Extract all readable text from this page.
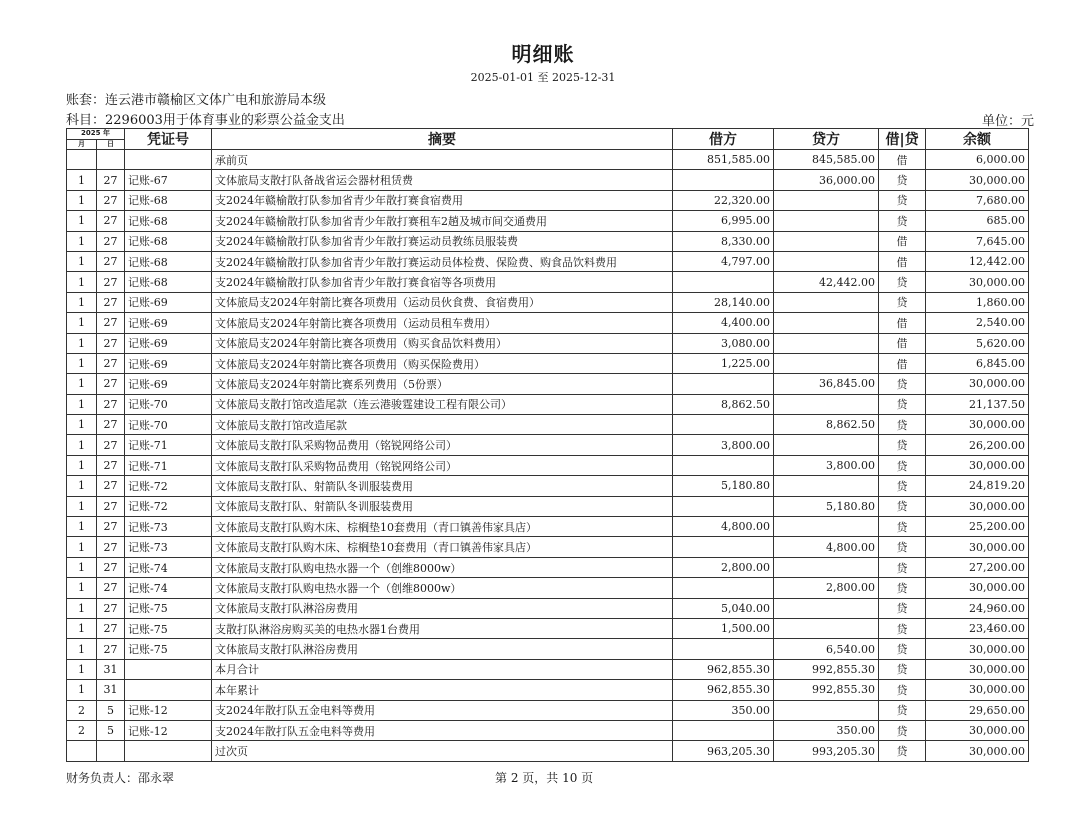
明细账
2025-01-01 至 2025-12-31
账套：连云港市赣榆区文体广电和旅游局本级
科目：2296003用于体育事业的彩票公益金支出	单位：元
2025 年		凭证号	摘要	借方	贷方	借|贷	余额
月	日						
			承前页	851,585.00	845,585.00	借	6,000.00
1	27	记账-67	文体旅局支散打队备战省运会器材租赁费		36,000.00	贷	30,000.00
1	27	记账-68	支2024年赣榆散打队参加省青少年散打赛食宿费用	22,320.00		贷	7,680.00
1	27	记账-68	支2024年赣榆散打队参加省青少年散打赛租车2趟及城市间交通费用	6,995.00		贷	685.00
1	27	记账-68	支2024年赣榆散打队参加省青少年散打赛运动员教练员服装费	8,330.00		借	7,645.00
1	27	记账-68	支2024年赣榆散打队参加省青少年散打赛运动员体检费、保险费、购食品饮料费用	4,797.00		借	12,442.00
1	27	记账-68	支2024年赣榆散打队参加省青少年散打赛食宿等各项费用		42,442.00	贷	30,000.00
1	27	记账-69	文体旅局支2024年射箭比赛各项费用（运动员伙食费、食宿费用）	28,140.00		贷	1,860.00
1	27	记账-69	文体旅局支2024年射箭比赛各项费用（运动员租车费用）	4,400.00		借	2,540.00
1	27	记账-69	文体旅局支2024年射箭比赛各项费用（购买食品饮料费用）	3,080.00		借	5,620.00
1	27	记账-69	文体旅局支2024年射箭比赛各项费用（购买保险费用）	1,225.00		借	6,845.00
1	27	记账-69	文体旅局支2024年射箭比赛系列费用（5份票）		36,845.00	贷	30,000.00
1	27	记账-70	文体旅局支散打馆改造尾款（连云港骏霆建设工程有限公司）	8,862.50		贷	21,137.50
1	27	记账-70	文体旅局支散打馆改造尾款		8,862.50	贷	30,000.00
1	27	记账-71	文体旅局支散打队采购物品费用（铭锐网络公司）	3,800.00		贷	26,200.00
1	27	记账-71	文体旅局支散打队采购物品费用（铭锐网络公司）		3,800.00	贷	30,000.00
1	27	记账-72	文体旅局支散打队、射箭队冬训服装费用	5,180.80		贷	24,819.20
1	27	记账-72	文体旅局支散打队、射箭队冬训服装费用		5,180.80	贷	30,000.00
1	27	记账-73	文体旅局支散打队购木床、棕榈垫10套费用（青口镇善伟家具店）	4,800.00		贷	25,200.00
1	27	记账-73	文体旅局支散打队购木床、棕榈垫10套费用（青口镇善伟家具店）		4,800.00	贷	30,000.00
1	27	记账-74	文体旅局支散打队购电热水器一个（创维8000w）	2,800.00		贷	27,200.00
1	27	记账-74	文体旅局支散打队购电热水器一个（创维8000w）		2,800.00	贷	30,000.00
1	27	记账-75	文体旅局支散打队淋浴房费用	5,040.00		贷	24,960.00
1	27	记账-75	支散打队淋浴房购买美的电热水器1台费用	1,500.00		贷	23,460.00
1	27	记账-75	文体旅局支散打队淋浴房费用		6,540.00	贷	30,000.00
1	31		本月合计	962,855.30	992,855.30	贷	30,000.00
1	31		本年累计	962,855.30	992,855.30	贷	30,000.00
2	5	记账-12	支2024年散打队五金电料等费用	350.00		贷	29,650.00
2	5	记账-12	支2024年散打队五金电料等费用		350.00	贷	30,000.00
			过次页	963,205.30	993,205.30	贷	30,000.00
财务负责人：邵永翠	第 2 页，共 10 页
